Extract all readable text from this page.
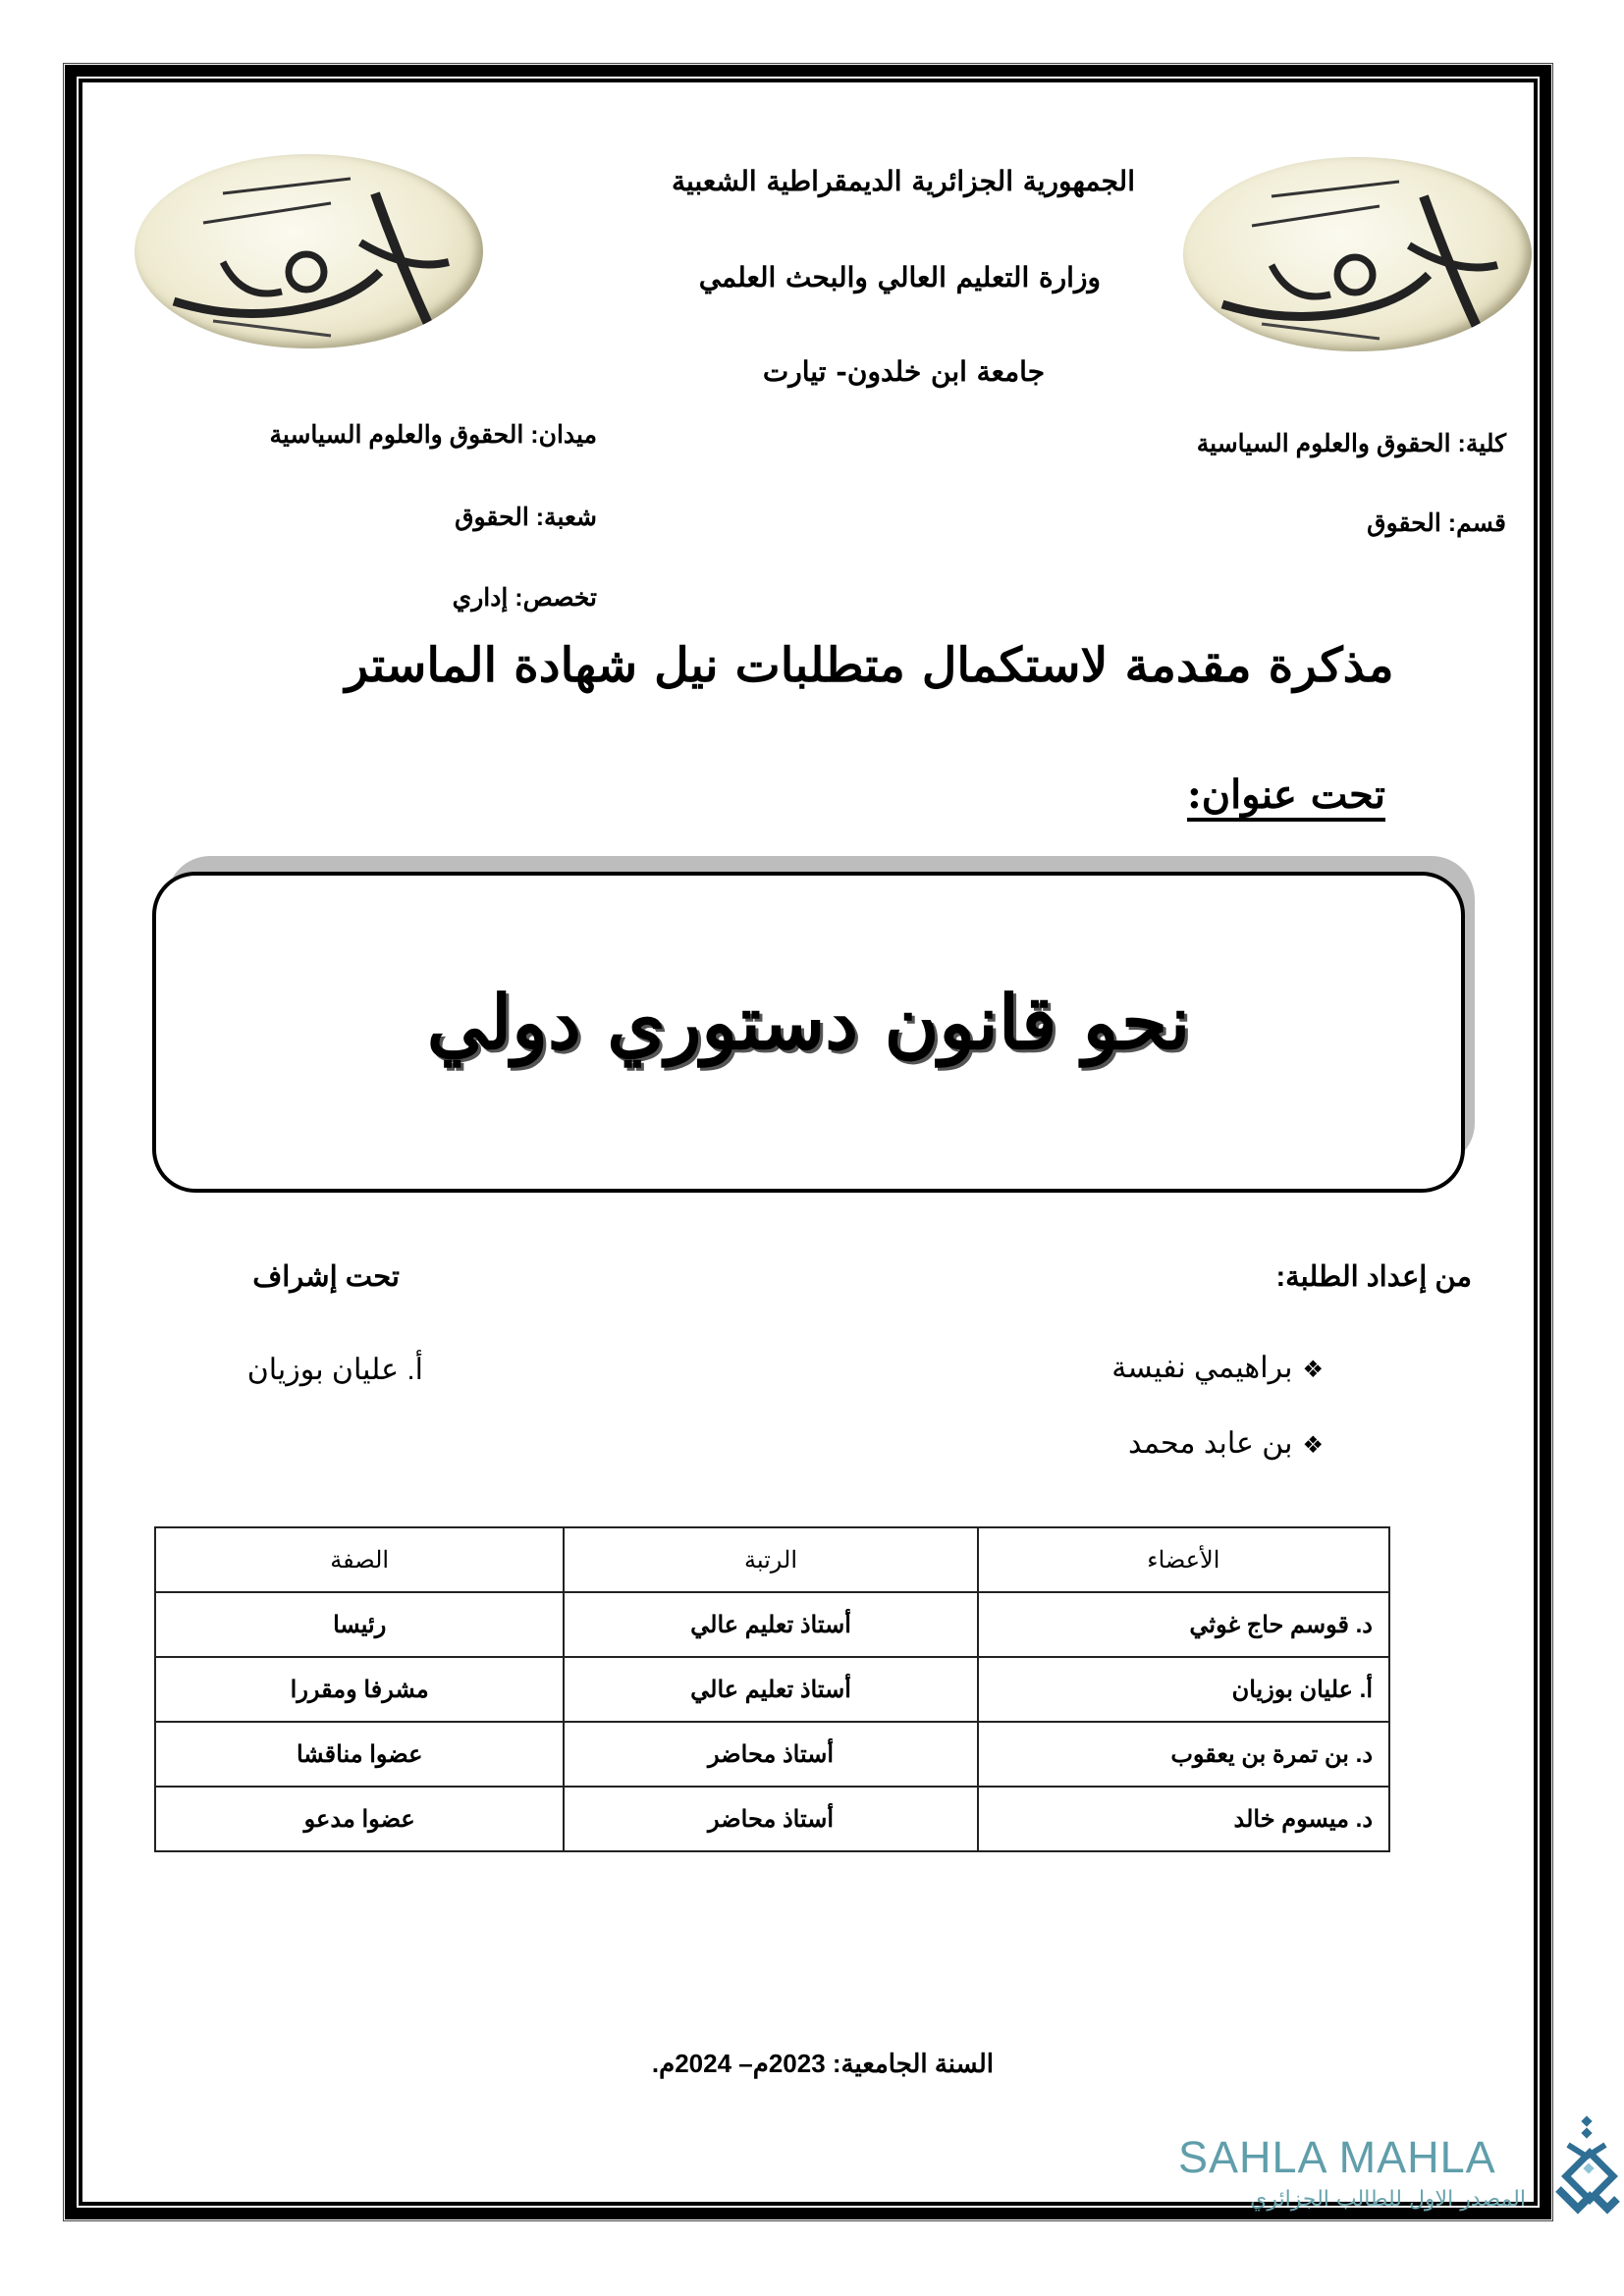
الجمهورية الجزائرية الديمقراطية الشعبية
وزارة التعليم العالي والبحث العلمي
جامعة ابن خلدون- تيارت
كلية: الحقوق والعلوم السياسية
قسم: الحقوق
ميدان: الحقوق والعلوم السياسية
شعبة: الحقوق
تخصص: إداري
مذكرة مقدمة لاستكمال متطلبات نيل شهادة الماستر
تحت عنوان:
نحو قانون دستوري دولي
من إعداد الطلبة:
❖براهيمي نفيسة
❖بن عابد محمد
تحت إشراف
أ. عليان بوزيان
الأعضاء	الرتبة	الصفة
د. قوسم حاج غوثي	أستاذ تعليم عالي	رئيسا
أ. عليان بوزيان	أستاذ تعليم عالي	مشرفا ومقررا
د. بن تمرة بن يعقوب	أستاذ محاضر	عضوا مناقشا
د. ميسوم خالد	أستاذ محاضر	عضوا مدعو
السنة الجامعية: 2023م– 2024م.
SAHLA MAHLA
المصدر الاول للطالب الجزائري
